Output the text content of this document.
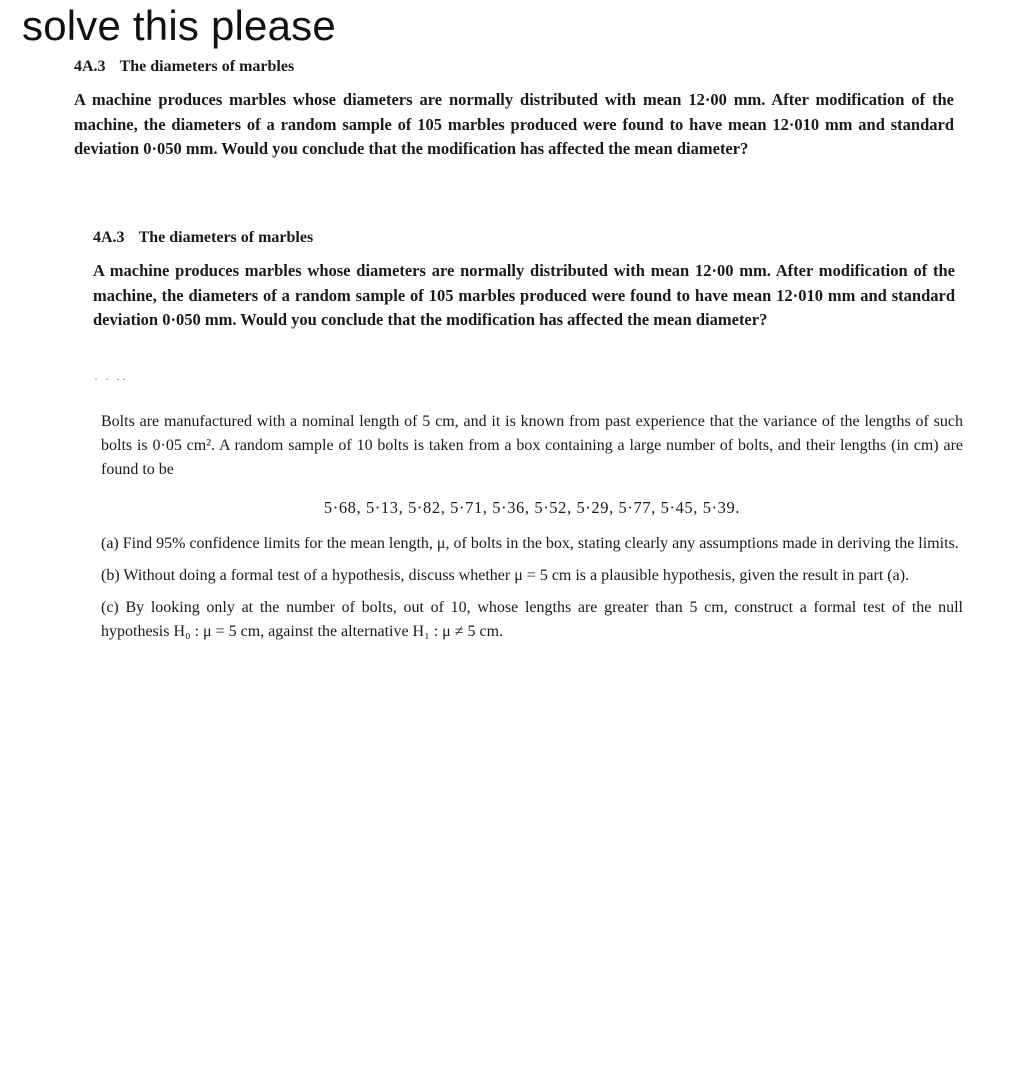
solve this please
4A.3 The diameters of marbles

A machine produces marbles whose diameters are normally distributed with mean 12·00 mm. After modification of the machine, the diameters of a random sample of 105 marbles produced were found to have mean 12·010 mm and standard deviation 0·050 mm. Would you conclude that the modification has affected the mean diameter?

4A.3 The diameters of marbles

A machine produces marbles whose diameters are normally distributed with mean 12·00 mm. After modification of the machine, the diameters of a random sample of 105 marbles produced were found to have mean 12·010 mm and standard deviation 0·050 mm. Would you conclude that the modification has affected the mean diameter?

· · ··

Bolts are manufactured with a nominal length of 5 cm, and it is known from past experience that the variance of the lengths of such bolts is 0·05 cm². A random sample of 10 bolts is taken from a box containing a large number of bolts, and their lengths (in cm) are found to be

5·68, 5·13, 5·82, 5·71, 5·36, 5·52, 5·29, 5·77, 5·45, 5·39.

(a) Find 95% confidence limits for the mean length, μ, of bolts in the box, stating clearly any assumptions made in deriving the limits.

(b) Without doing a formal test of a hypothesis, discuss whether μ = 5 cm is a plausible hypothesis, given the result in part (a).

(c) By looking only at the number of bolts, out of 10, whose lengths are greater than 5 cm, construct a formal test of the null hypothesis H₀ : μ = 5 cm, against the alternative H₁ : μ ≠ 5 cm.
